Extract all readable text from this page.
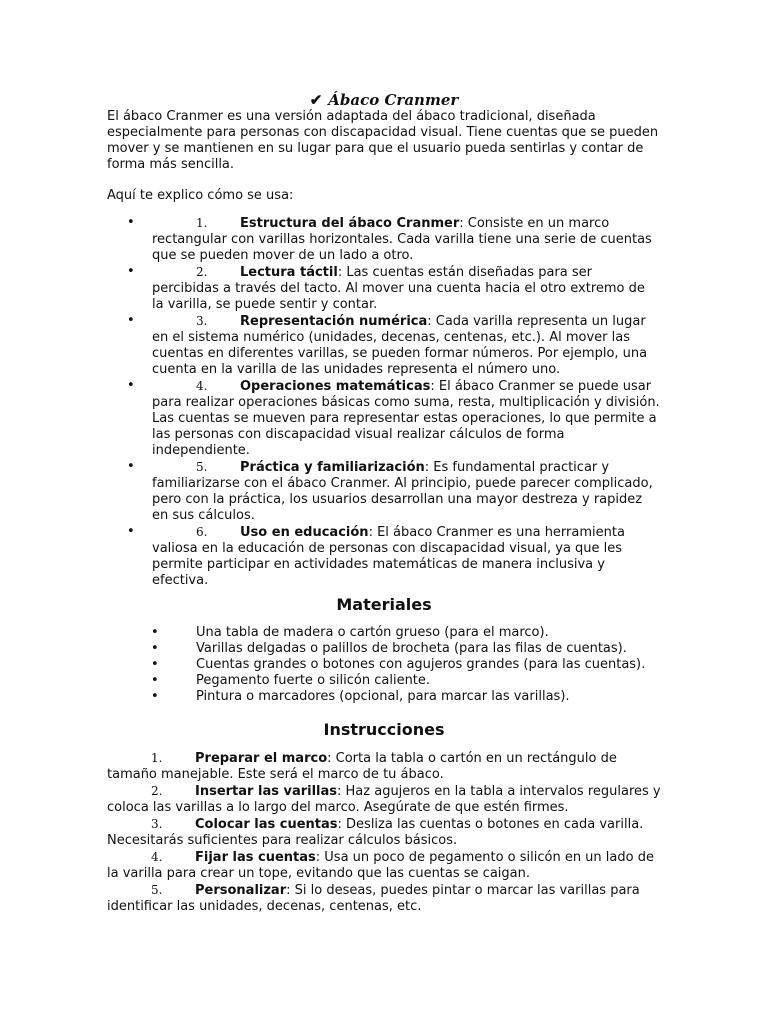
✔ Ábaco Cranmer
El ábaco Cranmer es una versión adaptada del ábaco tradicional, diseñada especialmente para personas con discapacidad visual. Tiene cuentas que se pueden mover y se mantienen en su lugar para que el usuario pueda sentirlas y contar de forma más sencilla.
Aquí te explico cómo se usa:
•	1.	Estructura del ábaco Cranmer: Consiste en un marco rectangular con varillas horizontales. Cada varilla tiene una serie de cuentas que se pueden mover de un lado a otro.
•	2.	Lectura táctil: Las cuentas están diseñadas para ser percibidas a través del tacto. Al mover una cuenta hacia el otro extremo de la varilla, se puede sentir y contar.
•	3.	Representación numérica: Cada varilla representa un lugar en el sistema numérico (unidades, decenas, centenas, etc.). Al mover las cuentas en diferentes varillas, se pueden formar números. Por ejemplo, una cuenta en la varilla de las unidades representa el número uno.
•	4.	Operaciones matemáticas: El ábaco Cranmer se puede usar para realizar operaciones básicas como suma, resta, multiplicación y división. Las cuentas se mueven para representar estas operaciones, lo que permite a las personas con discapacidad visual realizar cálculos de forma independiente.
•	5.	Práctica y familiarización: Es fundamental practicar y familiarizarse con el ábaco Cranmer. Al principio, puede parecer complicado, pero con la práctica, los usuarios desarrollan una mayor destreza y rapidez en sus cálculos.
•	6.	Uso en educación: El ábaco Cranmer es una herramienta valiosa en la educación de personas con discapacidad visual, ya que les permite participar en actividades matemáticas de manera inclusiva y efectiva.
Materiales
•	Una tabla de madera o cartón grueso (para el marco).
•	Varillas delgadas o palillos de brocheta (para las filas de cuentas).
•	Cuentas grandes o botones con agujeros grandes (para las cuentas).
•	Pegamento fuerte o silicón caliente.
•	Pintura o marcadores (opcional, para marcar las varillas).
Instrucciones
1.	Preparar el marco: Corta la tabla o cartón en un rectángulo de tamaño manejable. Este será el marco de tu ábaco.
2.	Insertar las varillas: Haz agujeros en la tabla a intervalos regulares y coloca las varillas a lo largo del marco. Asegúrate de que estén firmes.
3.	Colocar las cuentas: Desliza las cuentas o botones en cada varilla. Necesitarás suficientes para realizar cálculos básicos.
4.	Fijar las cuentas: Usa un poco de pegamento o silicón en un lado de la varilla para crear un tope, evitando que las cuentas se caigan.
5.	Personalizar: Si lo deseas, puedes pintar o marcar las varillas para identificar las unidades, decenas, centenas, etc.
